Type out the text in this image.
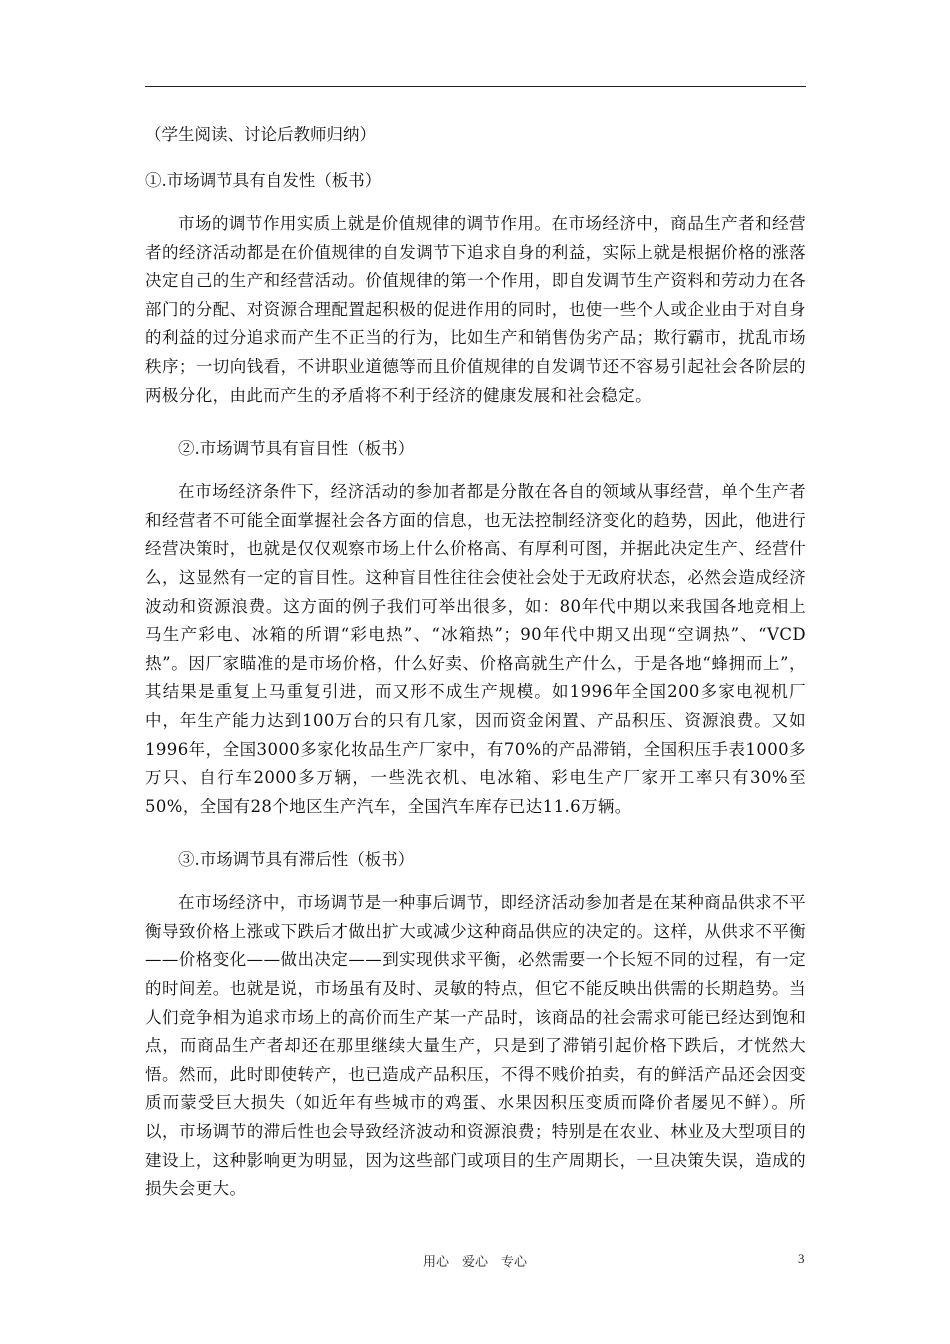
（学生阅读、讨论后教师归纳）

①.市场调节具有自发性（板书）

市场的调节作用实质上就是价值规律的调节作用。在市场经济中，商品生产者和经营者的经济活动都是在价值规律的自发调节下追求自身的利益，实际上就是根据价格的涨落决定自己的生产和经营活动。价值规律的第一个作用，即自发调节生产资料和劳动力在各部门的分配、对资源合理配置起积极的促进作用的同时，也使一些个人或企业由于对自身的利益的过分追求而产生不正当的行为，比如生产和销售伪劣产品；欺行霸市，扰乱市场秩序；一切向钱看，不讲职业道德等而且价值规律的自发调节还不容易引起社会各阶层的两极分化，由此而产生的矛盾将不利于经济的健康发展和社会稳定。

②.市场调节具有盲目性（板书）

在市场经济条件下，经济活动的参加者都是分散在各自的领域从事经营，单个生产者和经营者不可能全面掌握社会各方面的信息，也无法控制经济变化的趋势，因此，他进行经营决策时，也就是仅仅观察市场上什么价格高、有厚利可图，并据此决定生产、经营什么，这显然有一定的盲目性。这种盲目性往往会使社会处于无政府状态，必然会造成经济波动和资源浪费。这方面的例子我们可举出很多，如：80年代中期以来我国各地竞相上马生产彩电、冰箱的所谓“彩电热”、“冰箱热”；90年代中期又出现“空调热”、“VCD热”。因厂家瞄准的是市场价格，什么好卖、价格高就生产什么，于是各地“蜂拥而上”，其结果是重复上马重复引进，而又形不成生产规模。如1996年全国200多家电视机厂中，年生产能力达到100万台的只有几家，因而资金闲置、产品积压、资源浪费。又如1996年，全国3000多家化妆品生产厂家中，有70%的产品滞销，全国积压手表1000多万只、自行车2000多万辆，一些洗衣机、电冰箱、彩电生产厂家开工率只有30%至50%，全国有28个地区生产汽车，全国汽车库存已达11.6万辆。

③.市场调节具有滞后性（板书）

在市场经济中，市场调节是一种事后调节，即经济活动参加者是在某种商品供求不平衡导致价格上涨或下跌后才做出扩大或减少这种商品供应的决定的。这样，从供求不平衡——价格变化——做出决定——到实现供求平衡，必然需要一个长短不同的过程，有一定的时间差。也就是说，市场虽有及时、灵敏的特点，但它不能反映出供需的长期趋势。当人们竞争相为追求市场上的高价而生产某一产品时，该商品的社会需求可能已经达到饱和点，而商品生产者却还在那里继续大量生产，只是到了滞销引起价格下跌后，才恍然大悟。然而，此时即使转产，也已造成产品积压，不得不贱价拍卖，有的鲜活产品还会因变质而蒙受巨大损失（如近年有些城市的鸡蛋、水果因积压变质而降价者屡见不鲜）。所以，市场调节的滞后性也会导致经济波动和资源浪费；特别是在农业、林业及大型项目的建设上，这种影响更为明显，因为这些部门或项目的生产周期长，一旦决策失误，造成的损失会更大。

用心　爱心　专心	3
